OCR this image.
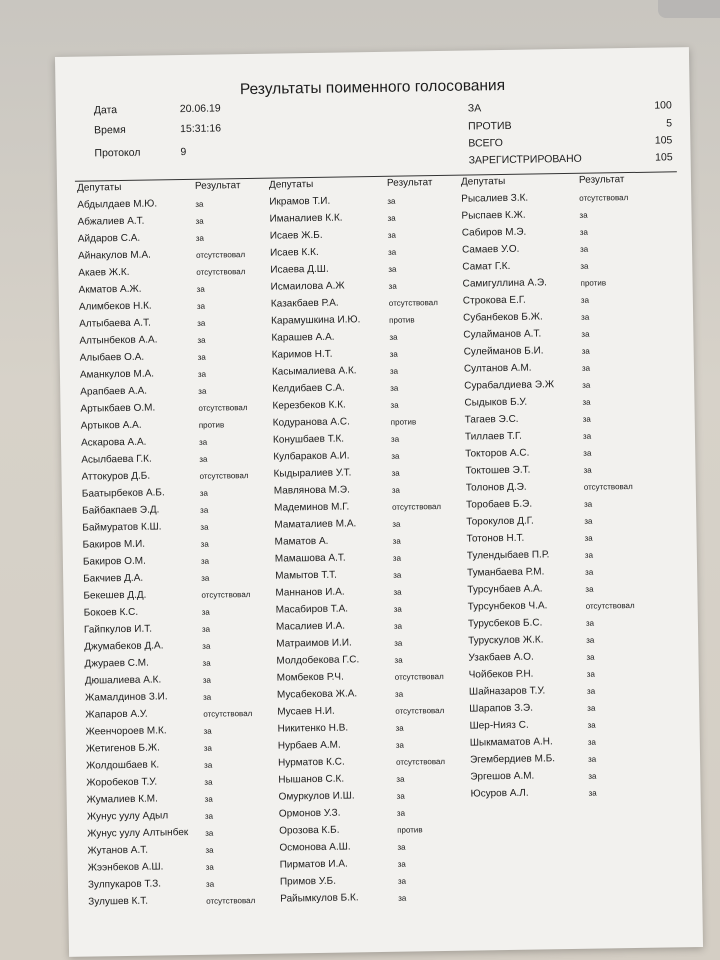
Результаты поименного голосования
Дата	20.06.19
Время	15:31:16
Протокол	9
ЗА	100
ПРОТИВ	5
ВСЕГО	105
ЗАРЕГИСТРИРОВАНО	105
Депутаты	Результат
Абдылдаев М.Ю.	за
Абжалиев А.Т.	за
Айдаров С.А.	за
Айнакулов М.А.	отсутствовал
Акаев Ж.К.	отсутствовал
Акматов А.Ж.	за
Алимбеков Н.К.	за
Алтыбаева А.Т.	за
Алтынбеков А.А.	за
Алыбаев О.А.	за
Аманкулов М.А.	за
Арапбаев А.А.	за
Артыкбаев О.М.	отсутствовал
Артыков А.А.	против
Аскарова А.А.	за
Асылбаева Г.К.	за
Аттокуров Д.Б.	отсутствовал
Баатырбеков А.Б.	за
Байбакпаев Э.Д.	за
Баймуратов К.Ш.	за
Бакиров М.И.	за
Бакиров О.М.	за
Бакчиев Д.А.	за
Бекешев Д.Д.	отсутствовал
Бокоев К.С.	за
Гайпкулов И.Т.	за
Джумабеков Д.А.	за
Джураев С.М.	за
Дюшалиева А.К.	за
Жамалдинов З.И.	за
Жапаров А.У.	отсутствовал
Жеенчороев М.К.	за
Жетигенов Б.Ж.	за
Жолдошбаев К.	за
Жоробеков Т.У.	за
Жумалиев К.М.	за
Жунус уулу Адыл	за
Жунус уулу Алтынбек за
Жутанов А.Т.	за
Жээнбеков А.Ш.	за
Зулпукаров Т.З.	за
Зулушев К.Т.	отсутствовал
Депутаты	Результат
Икрамов Т.И.	за
Иманалиев К.К.	за
Исаев Ж.Б.	за
Исаев К.К.	за
Исаева Д.Ш.	за
Исмаилова А.Ж	за
Казакбаев Р.А.	отсутствовал
Карамушкина И.Ю.	против
Карашев А.А.	за
Каримов Н.Т.	за
Касымалиева А.К.	за
Келдибаев С.А.	за
Керезбеков К.К.	за
Кодуранова А.С.	против
Конушбаев Т.К.	за
Кулбараков А.И.	за
Кыдыралиев У.Т.	за
Мавлянова М.Э.	за
Мадеминов М.Г.	отсутствовал
Маматалиев М.А.	за
Маматов А.	за
Мамашова А.Т.	за
Мамытов Т.Т.	за
Маннанов И.А.	за
Масабиров Т.А.	за
Масалиев И.А.	за
Матраимов И.И.	за
Молдобекова Г.С.	за
Момбеков Р.Ч.	отсутствовал
Мусабекова Ж.А.	за
Мусаев Н.И.	отсутствовал
Никитенко Н.В.	за
Нурбаев А.М.	за
Нурматов К.С.	отсутствовал
Нышанов С.К.	за
Омуркулов И.Ш.	за
Ормонов У.З.	за
Орозова К.Б.	против
Осмонова А.Ш.	за
Пирматов И.А.	за
Примов У.Б.	за
Райымкулов Б.К.	за
Депутаты	Результат
Рысалиев З.К.	отсутствовал
Рыспаев К.Ж.	за
Сабиров М.Э.	за
Самаев У.О.	за
Самат Г.К.	за
Самигуллина А.Э.	против
Строкова Е.Г.	за
Субанбеков Б.Ж.	за
Сулайманов А.Т.	за
Сулейманов Б.И.	за
Султанов А.М.	за
Сурабалдиева Э.Ж	за
Сыдыков Б.У.	за
Тагаев Э.С.	за
Тиллаев Т.Г.	за
Токторов А.С.	за
Токтошев Э.Т.	за
Толонов Д.Э.	отсутствовал
Торобаев Б.Э.	за
Торокулов Д.Г.	за
Тотонов Н.Т.	за
Тулендыбаев П.Р.	за
Туманбаева Р.М.	за
Турсунбаев А.А.	за
Турсунбеков Ч.А.	отсутствовал
Турусбеков Б.С.	за
Турускулов Ж.К.	за
Узакбаев А.О.	за
Чойбеков Р.Н.	за
Шайназаров Т.У.	за
Шарапов З.Э.	за
Шер-Нияз С.	за
Шыкмаматов А.Н.	за
Эгембердиев М.Б.	за
Эргешов А.М.	за
Юсуров А.Л.	за
